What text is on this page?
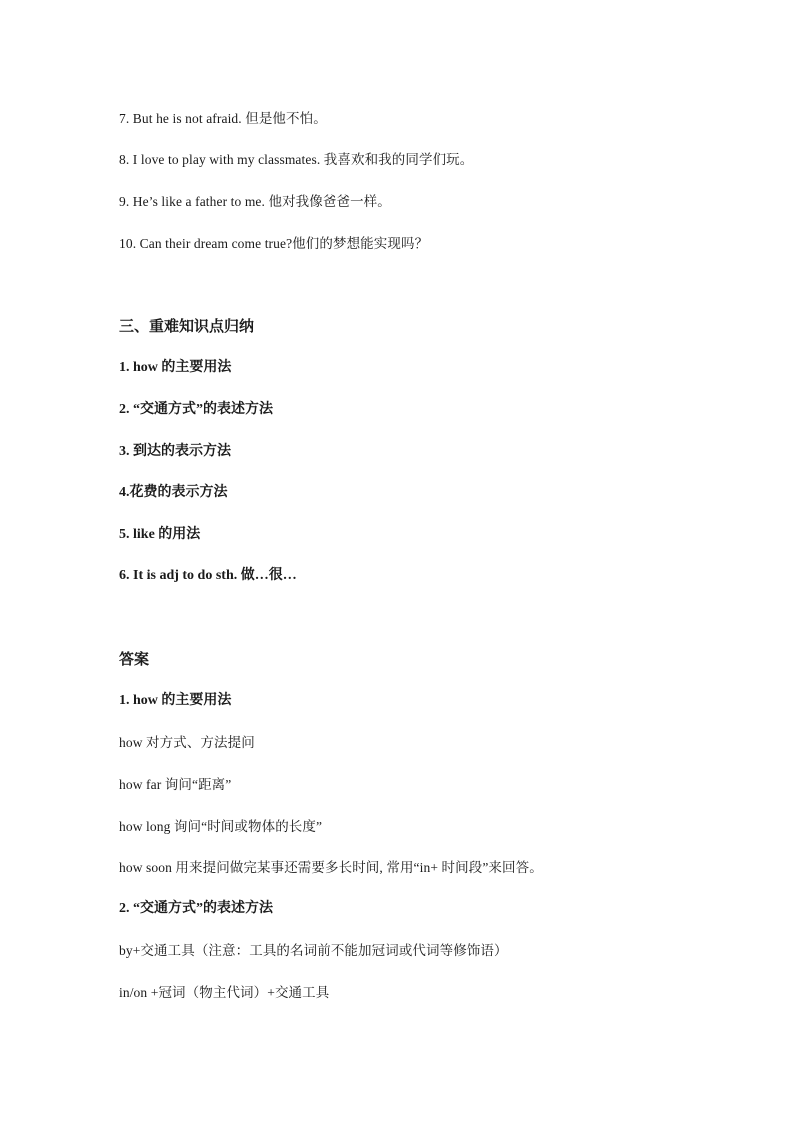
7. But he is not afraid. 但是他不怕。
8. I love to play with my classmates. 我喜欢和我的同学们玩。
9. He’s like a father to me. 他对我像爸爸一样。
10. Can their dream come true?他们的梦想能实现吗？
三、重难知识点归纳
1. how 的主要用法
2. “交通方式”的表述方法
3. 到达的表示方法
4.花费的表示方法
5. like 的用法
6. It is adj to do sth. 做…很…
答案
1. how 的主要用法
how 对方式、方法提问
how far 询问“距离”
how long 询问“时间或物体的长度”
how soon 用来提问做完某事还需要多长时间, 常用“in+ 时间段”来回答。
2. “交通方式”的表述方法
by+交通工具（注意：工具的名词前不能加冠词或代词等修饰语）
in/on +冠词（物主代词）+交通工具
